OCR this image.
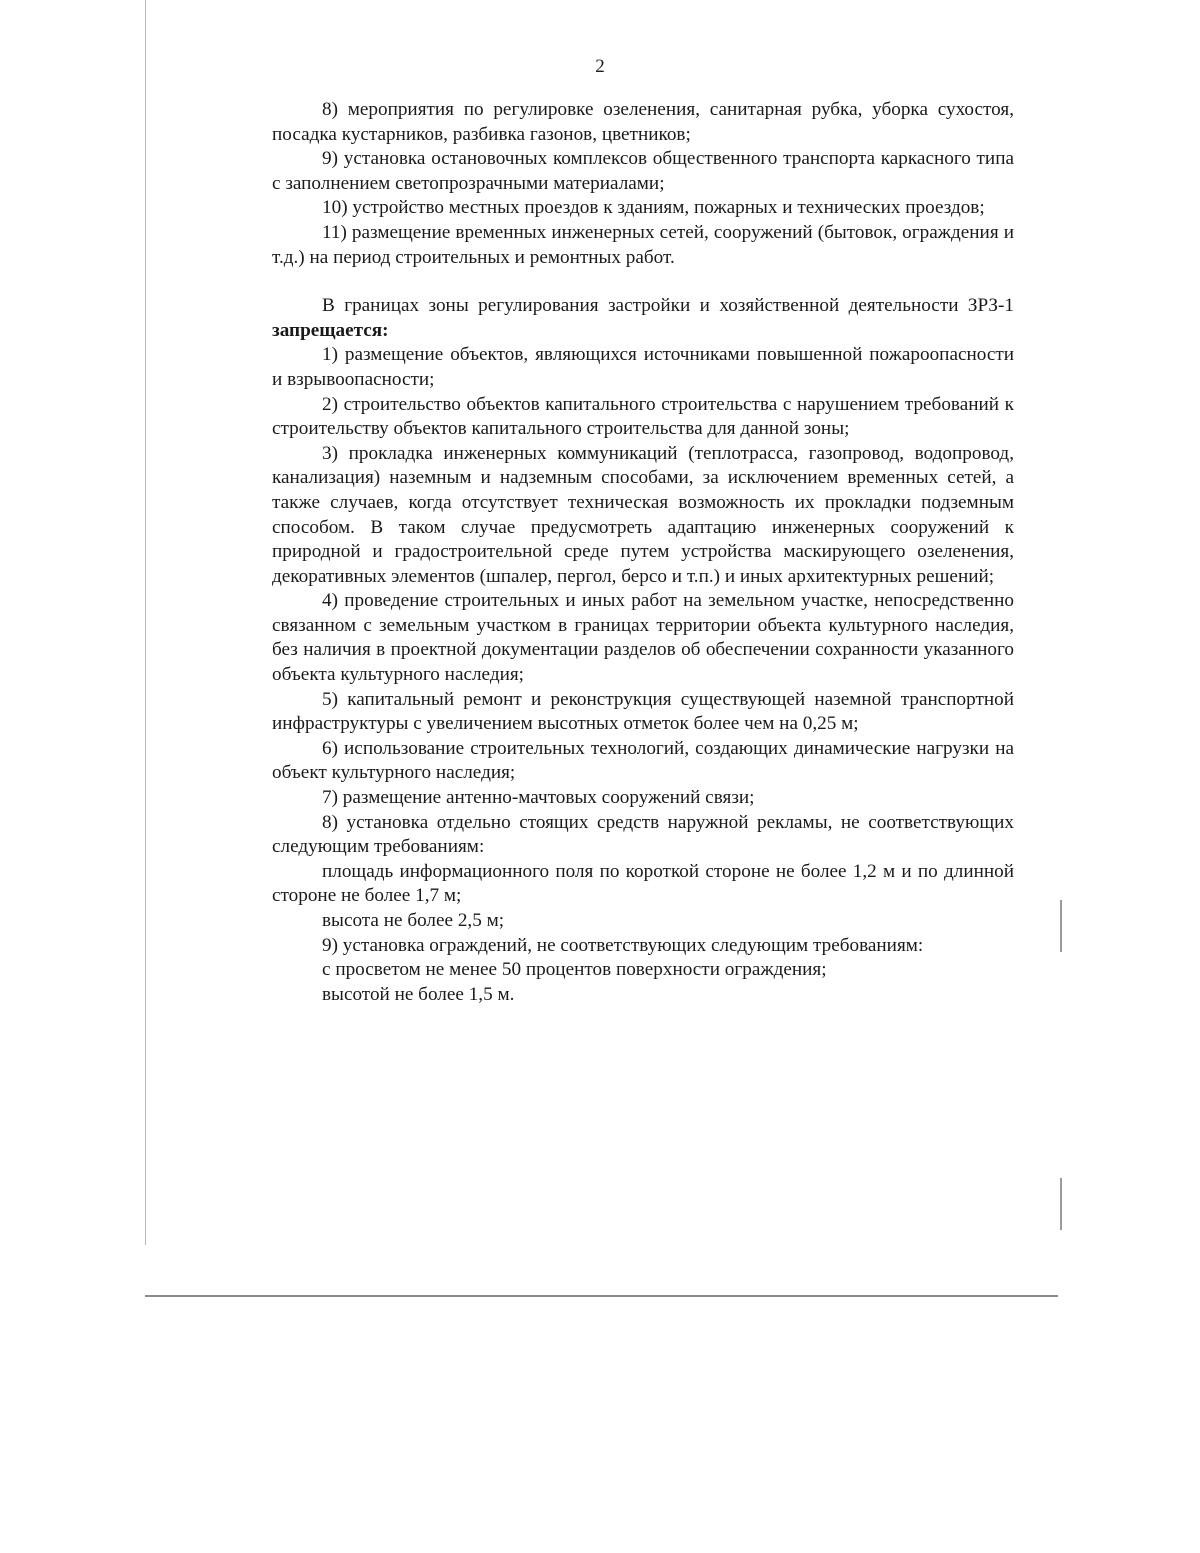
2

8) мероприятия по регулировке озеленения, санитарная рубка, уборка сухостоя, посадка кустарников, разбивка газонов, цветников;

9) установка остановочных комплексов общественного транспорта каркасного типа с заполнением светопрозрачными материалами;

10) устройство местных проездов к зданиям, пожарных и технических проездов;

11) размещение временных инженерных сетей, сооружений (бытовок, ограждения и т.д.) на период строительных и ремонтных работ.

В границах зоны регулирования застройки и хозяйственной деятельности ЗРЗ-1 запрещается:

1) размещение объектов, являющихся источниками повышенной пожароопасности и взрывоопасности;

2) строительство объектов капитального строительства с нарушением требований к строительству объектов капитального строительства для данной зоны;

3) прокладка инженерных коммуникаций (теплотрасса, газопровод, водопровод, канализация) наземным и надземным способами, за исключением временных сетей, а также случаев, когда отсутствует техническая возможность их прокладки подземным способом. В таком случае предусмотреть адаптацию инженерных сооружений к природной и градостроительной среде путем устройства маскирующего озеленения, декоративных элементов (шпалер, пергол, берсо и т.п.) и иных архитектурных решений;

4) проведение строительных и иных работ на земельном участке, непосредственно связанном с земельным участком в границах территории объекта культурного наследия, без наличия в проектной документации разделов об обеспечении сохранности указанного объекта культурного наследия;

5) капитальный ремонт и реконструкция существующей наземной транспортной инфраструктуры с увеличением высотных отметок более чем на 0,25 м;

6) использование строительных технологий, создающих динамические нагрузки на объект культурного наследия;

7) размещение антенно-мачтовых сооружений связи;

8) установка отдельно стоящих средств наружной рекламы, не соответствующих следующим требованиям:

площадь информационного поля по короткой стороне не более 1,2 м и по длинной стороне не более 1,7 м;

высота не более 2,5 м;

9) установка ограждений, не соответствующих следующим требованиям:

с просветом не менее 50 процентов поверхности ограждения;

высотой не более 1,5 м.
